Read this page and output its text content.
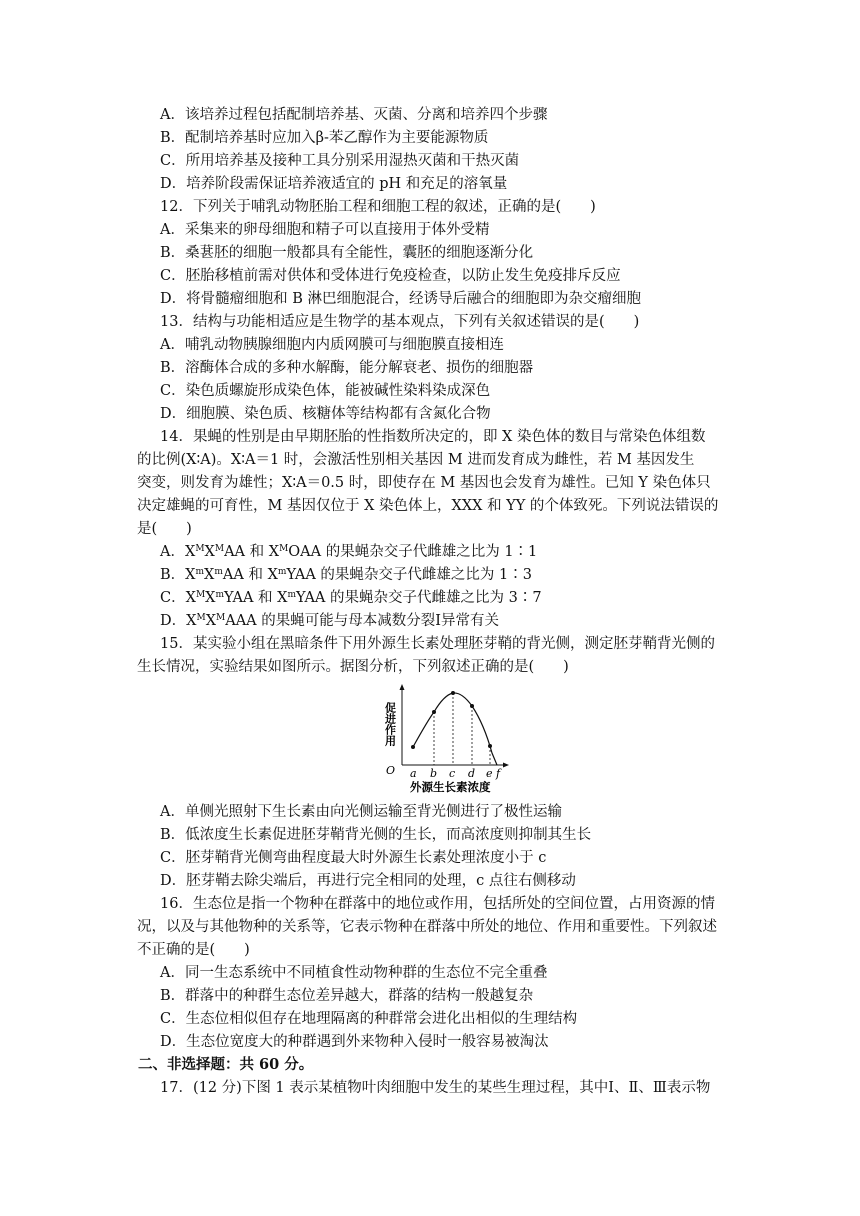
A．该培养过程包括配制培养基、灭菌、分离和培养四个步骤
B．配制培养基时应加入β-苯乙醇作为主要能源物质
C．所用培养基及接种工具分别采用湿热灭菌和干热灭菌
D．培养阶段需保证培养液适宜的 pH 和充足的溶氧量
12．下列关于哺乳动物胚胎工程和细胞工程的叙述，正确的是(　　)
A．采集来的卵母细胞和精子可以直接用于体外受精
B．桑葚胚的细胞一般都具有全能性，囊胚的细胞逐渐分化
C．胚胎移植前需对供体和受体进行免疫检查，以防止发生免疫排斥反应
D．将骨髓瘤细胞和 B 淋巴细胞混合，经诱导后融合的细胞即为杂交瘤细胞
13．结构与功能相适应是生物学的基本观点，下列有关叙述错误的是(　　)
A．哺乳动物胰腺细胞内内质网膜可与细胞膜直接相连
B．溶酶体合成的多种水解酶，能分解衰老、损伤的细胞器
C．染色质螺旋形成染色体，能被碱性染料染成深色
D．细胞膜、染色质、核糖体等结构都有含氮化合物
14．果蝇的性别是由早期胚胎的性指数所决定的，即 X 染色体的数目与常染色体组数
的比例(X∶A)。X∶A＝1 时，会激活性别相关基因 M 进而发育成为雌性，若 M 基因发生
突变，则发育为雄性；X∶A＝0.5 时，即使存在 M 基因也会发育为雄性。已知 Y 染色体只
决定雄蝇的可育性，M 基因仅位于 X 染色体上，XXX 和 YY 的个体致死。下列说法错误的
是(　　)
A．$X^MX^MAA$ 和 $X^MOAA$ 的果蝇杂交子代雌雄之比为 1∶1
B．$X^mX^mAA$ 和 $X^mYAA$ 的果蝇杂交子代雌雄之比为 1∶3
C．$X^MX^mYAA$ 和 $X^mYAA$ 的果蝇杂交子代雌雄之比为 3∶7
D．$X^MX^MAAA$ 的果蝇可能与母本减数分裂Ⅰ异常有关
15．某实验小组在黑暗条件下用外源生长素处理胚芽鞘的背光侧，测定胚芽鞘背光侧的
生长情况，实验结果如图所示。据图分析，下列叙述正确的是(　　)
促进作用
O a b c d e f
外源生长素浓度
A．单侧光照射下生长素由向光侧运输至背光侧进行了极性运输
B．低浓度生长素促进胚芽鞘背光侧的生长，而高浓度则抑制其生长
C．胚芽鞘背光侧弯曲程度最大时外源生长素处理浓度小于 c
D．胚芽鞘去除尖端后，再进行完全相同的处理，c 点往右侧移动
16．生态位是指一个物种在群落中的地位或作用，包括所处的空间位置，占用资源的情
况，以及与其他物种的关系等，它表示物种在群落中所处的地位、作用和重要性。下列叙述
不正确的是(　　)
A．同一生态系统中不同植食性动物种群的生态位不完全重叠
B．群落中的种群生态位差异越大，群落的结构一般越复杂
C．生态位相似但存在地理隔离的种群常会进化出相似的生理结构
D．生态位宽度大的种群遇到外来物种入侵时一般容易被淘汰
二、非选择题：共 60 分。
17．(12 分)下图 1 表示某植物叶肉细胞中发生的某些生理过程，其中Ⅰ、Ⅱ、Ⅲ表示物
